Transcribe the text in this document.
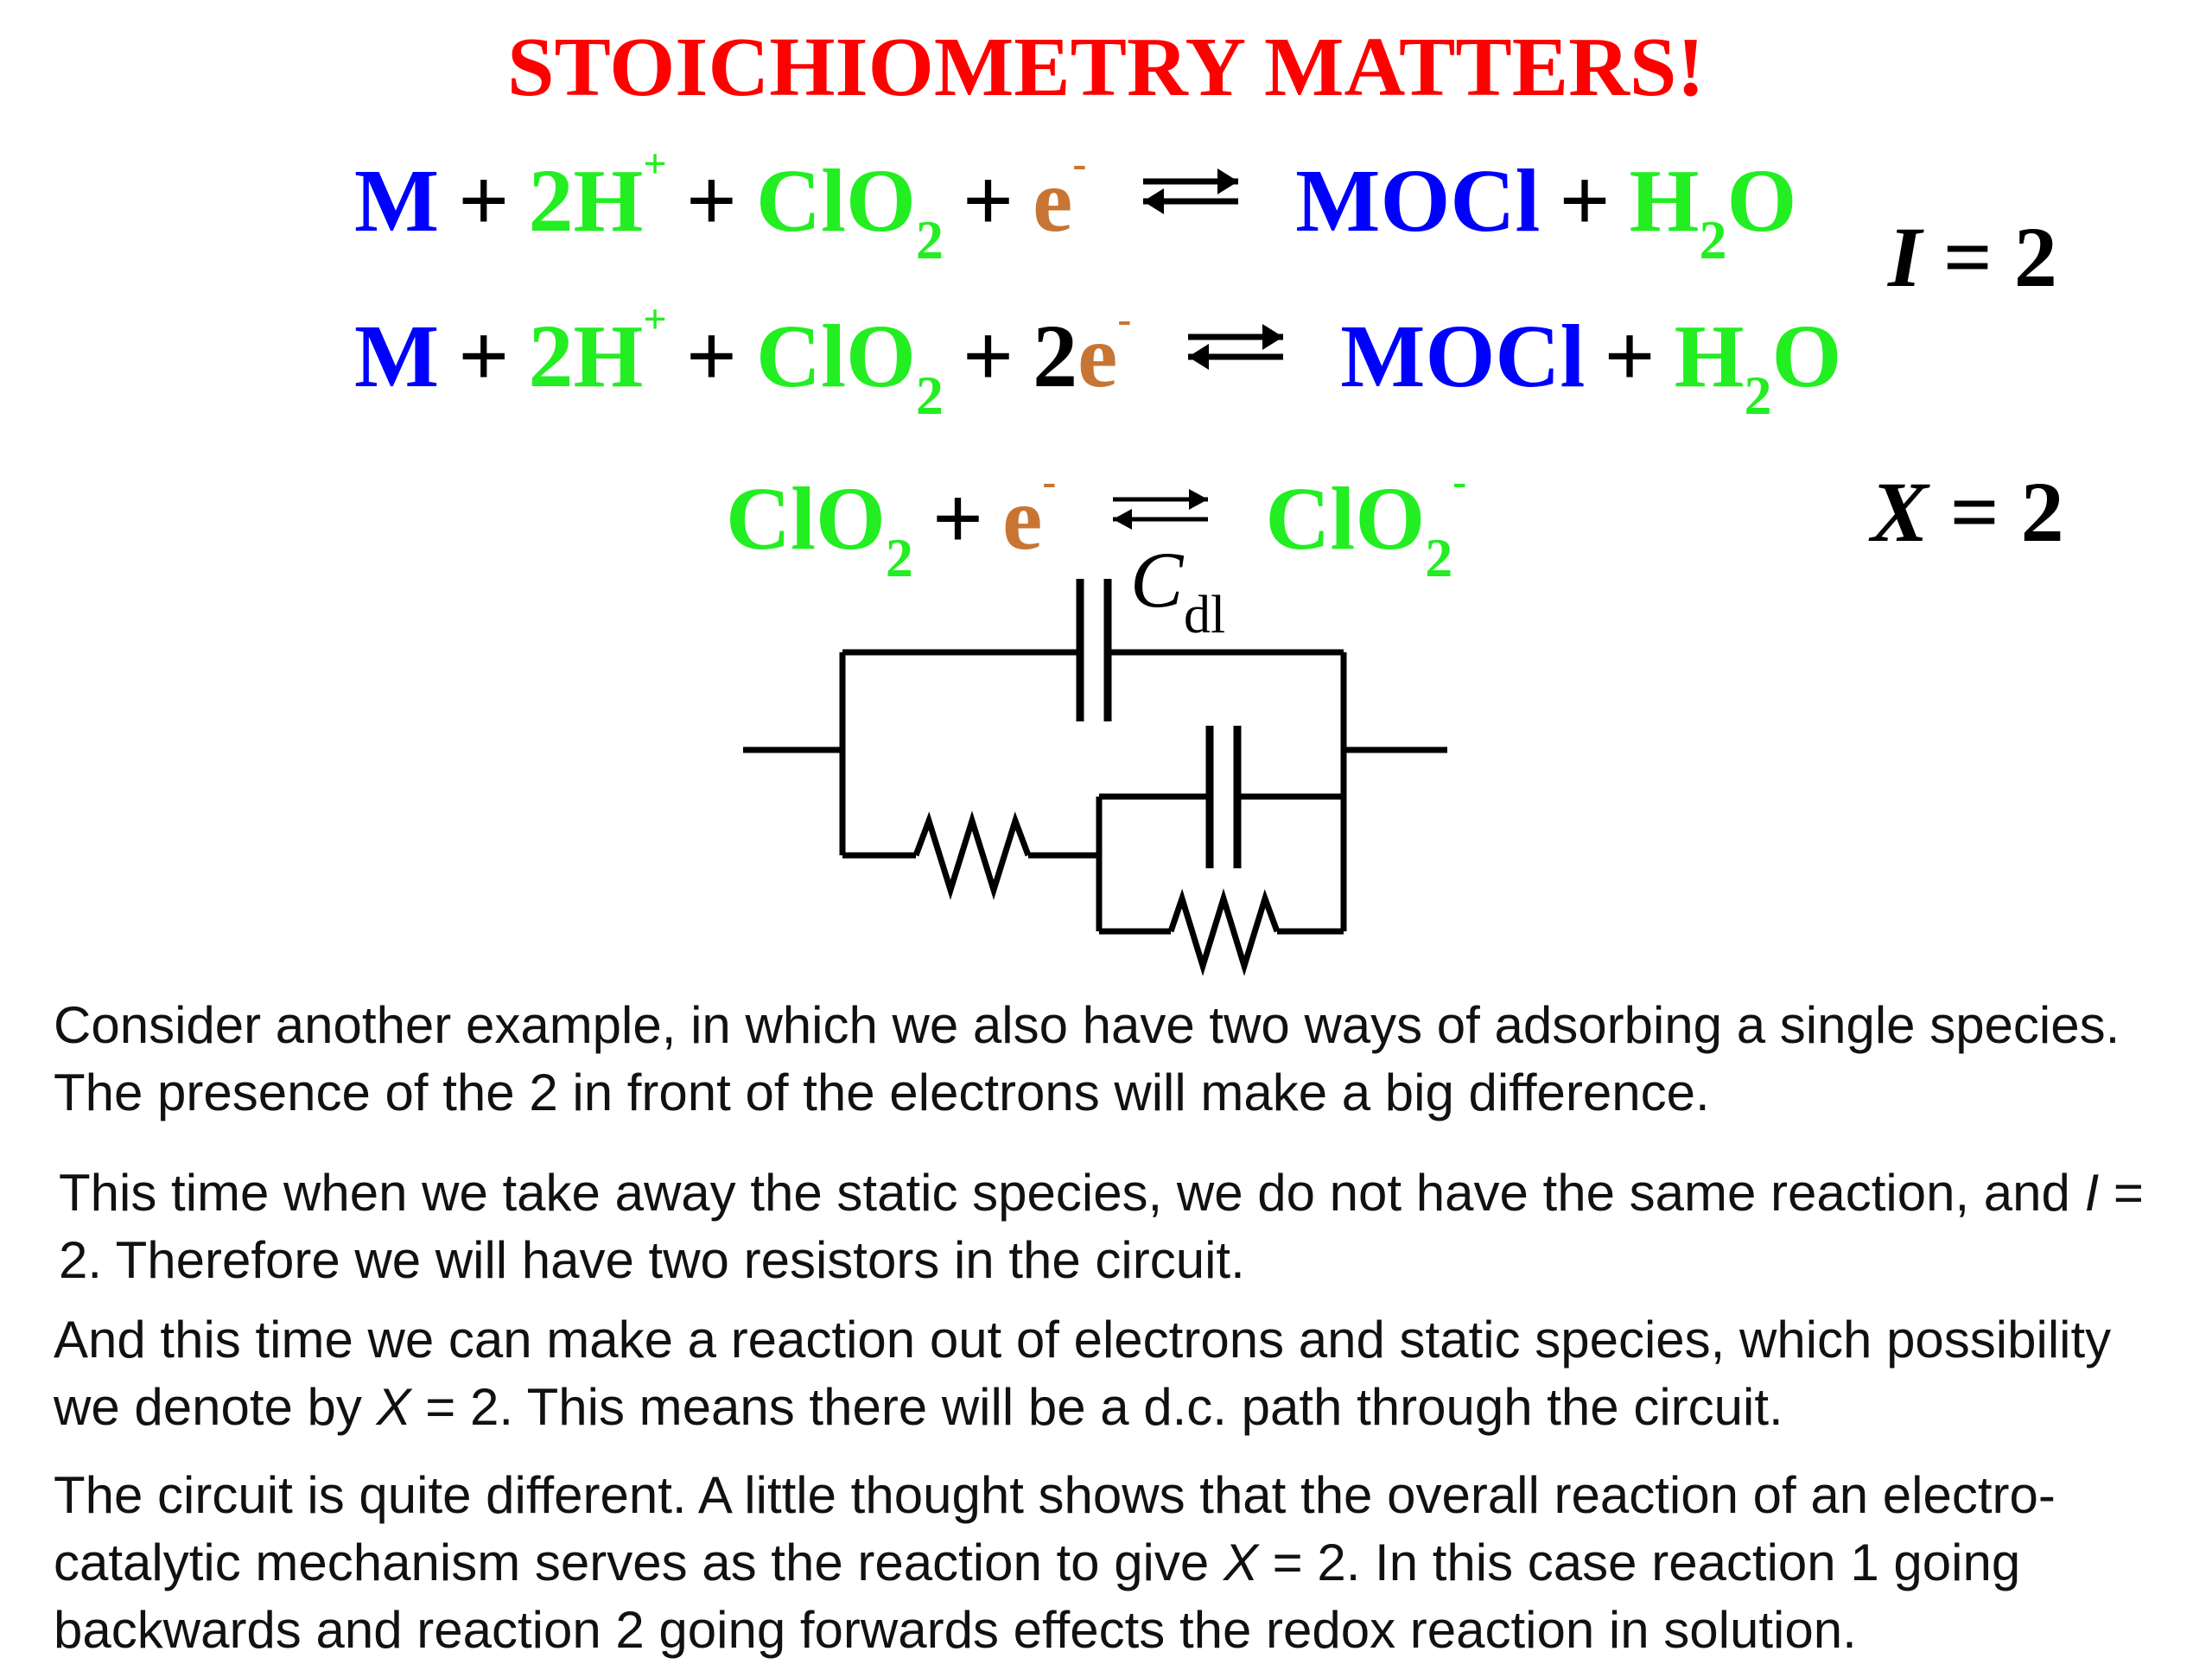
STOICHIOMETRY MATTERS!
M + 2H+ + ClO$_2$ + e- ⇌ MOCl + $H_2O$
M + 2H+ + ClO$_2$ + 2e- ⇌ MOCl + $H_2O$
ClO$_2$ + e- ⇌ ClO$_2$-
I = 2
X = 2
C dl

Consider another example, in which we also have two ways of adsorbing a single species. The presence of the 2 in front of the electrons will make a big difference.

This time when we take away the static species, we do not have the same reaction, and I = 2. Therefore we will have two resistors in the circuit.

And this time we can make a reaction out of electrons and static species, which possibility we denote by X = 2. This means there will be a d.c. path through the circuit.

The circuit is quite different. A little thought shows that the overall reaction of an electro-catalytic mechanism serves as the reaction to give X = 2. In this case reaction 1 going backwards and reaction 2 going forwards effects the redox reaction in solution.
